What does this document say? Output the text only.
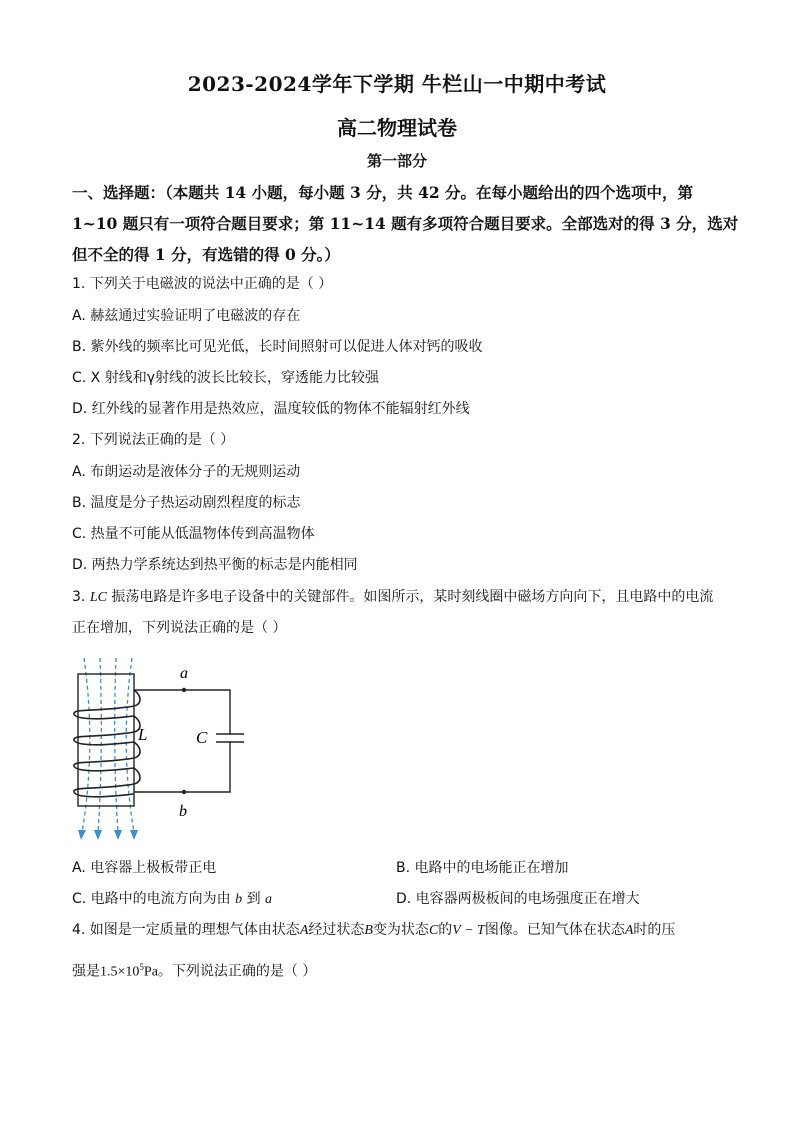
2023-2024学年下学期 牛栏山一中期中考试
高二物理试卷
第一部分
一、选择题：（本题共 14 小题，每小题 3 分，共 42 分。在每小题给出的四个选项中，第
1~10 题只有一项符合题目要求；第 11~14 题有多项符合题目要求。全部选对的得 3 分，选对
但不全的得 1 分，有选错的得 0 分。）
1. 下列关于电磁波的说法中正确的是（ ）
A. 赫兹通过实验证明了电磁波的存在
B. 紫外线的频率比可见光低，长时间照射可以促进人体对钙的吸收
C. X 射线和γ射线的波长比较长，穿透能力比较强
D. 红外线的显著作用是热效应，温度较低的物体不能辐射红外线
2. 下列说法正确的是（ ）
A. 布朗运动是液体分子的无规则运动
B. 温度是分子热运动剧烈程度的标志
C. 热量不可能从低温物体传到高温物体
D. 两热力学系统达到热平衡的标志是内能相同
3. LC 振荡电路是许多电子设备中的关键部件。如图所示，某时刻线圈中磁场方向向下，且电路中的电流
正在增加，下列说法正确的是（ ）
a
b
L	C
A. 电容器上极板带正电	B. 电路中的电场能正在增加
C. 电路中的电流方向为由 b 到 a	D. 电容器两极板间的电场强度正在增大
4. 如图是一定质量的理想气体由状态A经过状态B变为状态C的V − T图像。已知气体在状态A时的压
强是$1.5\times 10^5Pa$。下列说法正确的是（ ）
